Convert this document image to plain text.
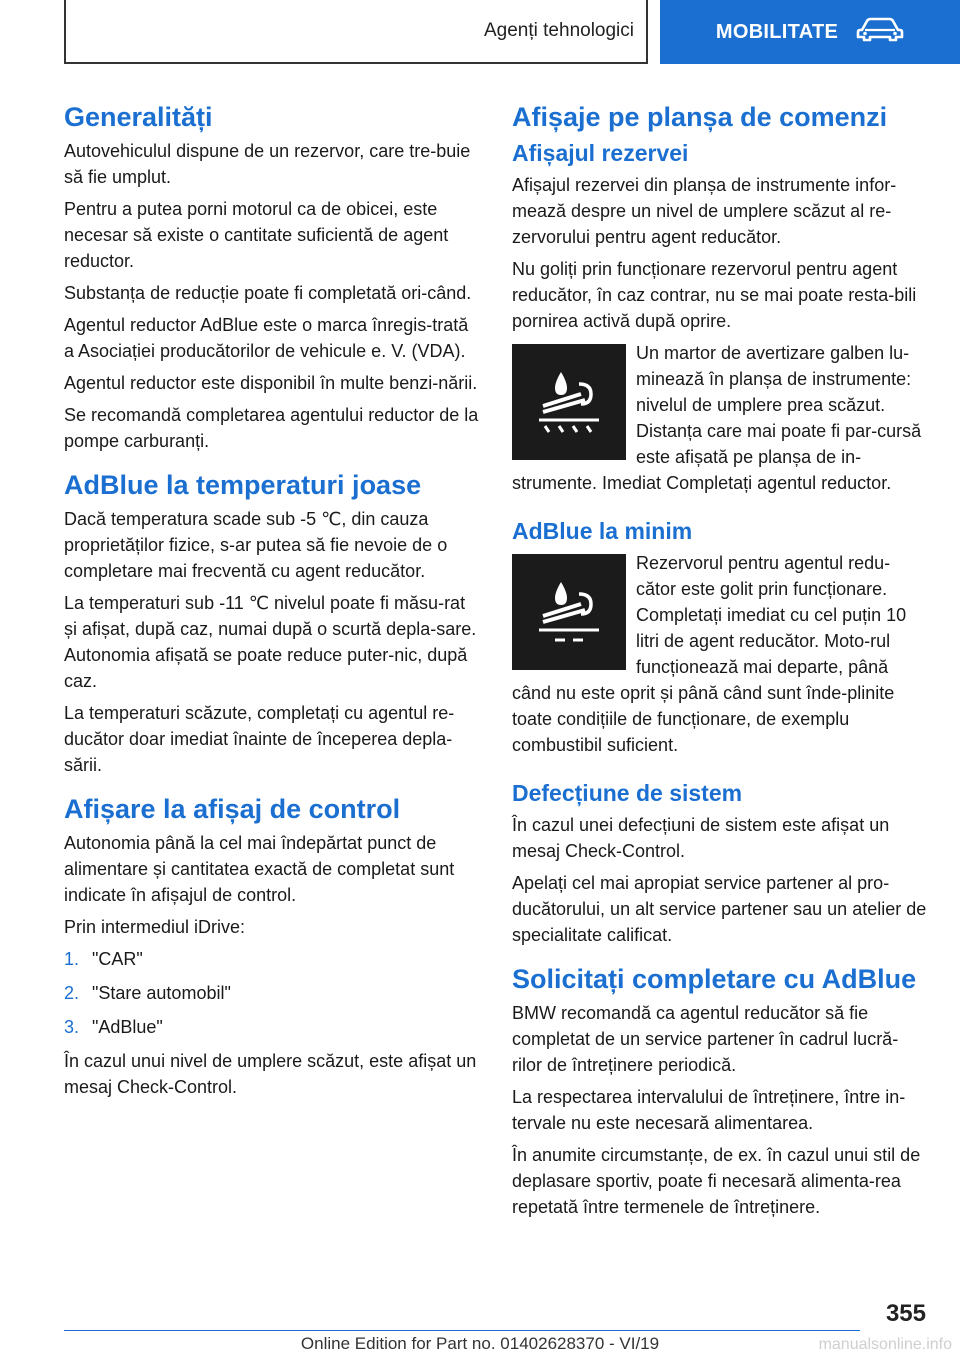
Agenți tehnologici	MOBILITATE
Generalități

Autovehiculul dispune de un rezervor, care tre-buie să fie umplut.

Pentru a putea porni motorul ca de obicei, este necesar să existe o cantitate suficientă de agent reductor.

Substanța de reducție poate fi completată ori-când.

Agentul reductor AdBlue este o marca înregis-trată a Asociației producătorilor de vehicule e. V. (VDA).

Agentul reductor este disponibil în multe benzi-nării.

Se recomandă completarea agentului reductor de la pompe carburanți.

AdBlue la temperaturi joase

Dacă temperatura scade sub -5 ℃, din cauza proprietăților fizice, s-ar putea să fie nevoie de o completare mai frecventă cu agent reducător.

La temperaturi sub -11 ℃ nivelul poate fi măsu-rat și afișat, după caz, numai după o scurtă depla-sare. Autonomia afișată se poate reduce puter-nic, după caz.

La temperaturi scăzute, completați cu agentul re-ducător doar imediat înainte de începerea depla-sării.

Afișare la afișaj de control

Autonomia până la cel mai îndepărtat punct de alimentare și cantitatea exactă de completat sunt indicate în afișajul de control.

Prin intermediul iDrive:

1. "CAR"
2. "Stare automobil"
3. "AdBlue"

În cazul unui nivel de umplere scăzut, este afișat un mesaj Check-Control.

Afișaje pe planșa de comenzi
Afișajul rezervei

Afișajul rezervei din planșa de instrumente infor-mează despre un nivel de umplere scăzut al re-zervorului pentru agent reducător.

Nu goliți prin funcționare rezervorul pentru agent reducător, în caz contrar, nu se mai poate resta-bili pornirea activă după oprire.

Un martor de avertizare galben lu-minează în planșa de instrumente: nivelul de umplere prea scăzut. Distanța care mai poate fi par-cursă este afișată pe planșa de in-strumente. Imediat Completați agentul reductor.

AdBlue la minim

Rezervorul pentru agentul redu-cător este golit prin funcționare. Completați imediat cu cel puțin 10 litri de agent reducător. Moto-rul funcționează mai departe, până când nu este oprit și până când sunt înde-plinite toate condițiile de funcționare, de exemplu combustibil suficient.

Defecțiune de sistem

În cazul unei defecțiuni de sistem este afișat un mesaj Check-Control.

Apelați cel mai apropiat service partener al pro-ducătorului, un alt service partener sau un atelier de specialitate calificat.

Solicitați completare cu AdBlue

BMW recomandă ca agentul reducător să fie completat de un service partener în cadrul lucră-rilor de întreținere periodică.

La respectarea intervalului de întreținere, între in-tervale nu este necesară alimentarea.

În anumite circumstanțe, de ex. în cazul unui stil de deplasare sportiv, poate fi necesară alimenta-rea repetată între termenele de întreținere.

355
Online Edition for Part no. 01402628370 - VI/19	manualsonline.info
